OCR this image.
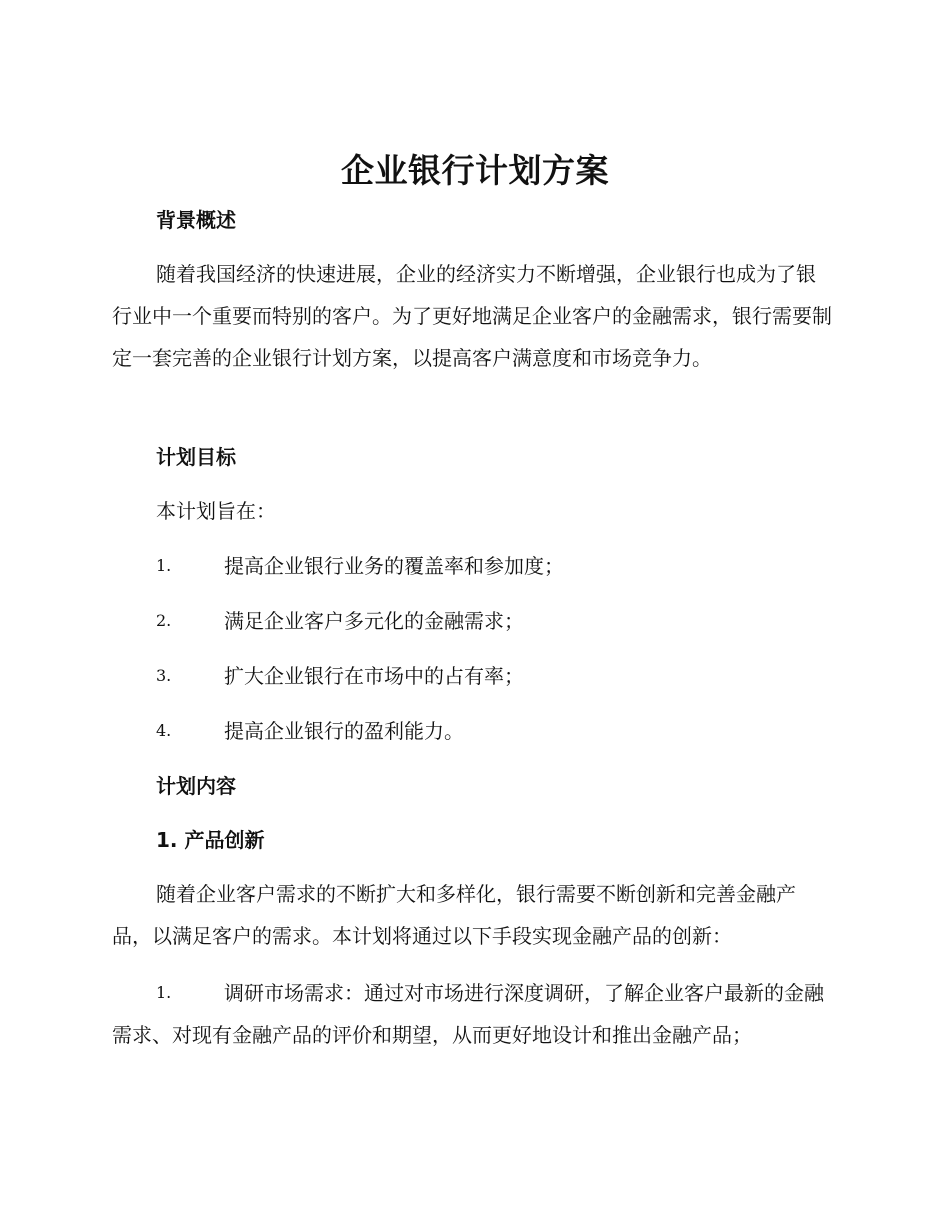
企业银行计划方案
背景概述

随着我国经济的快速进展，企业的经济实力不断增强，企业银行也成为了银行业中一个重要而特别的客户。为了更好地满足企业客户的金融需求，银行需要制定一套完善的企业银行计划方案，以提高客户满意度和市场竞争力。

计划目标
本计划旨在：
1.	提高企业银行业务的覆盖率和参加度；
2.	满足企业客户多元化的金融需求；
3.	扩大企业银行在市场中的占有率；
4.	提高企业银行的盈利能力。
计划内容
1. 产品创新

随着企业客户需求的不断扩大和多样化，银行需要不断创新和完善金融产品，以满足客户的需求。本计划将通过以下手段实现金融产品的创新：

1.	调研市场需求：通过对市场进行深度调研，了解企业客户最新的金融需求、对现有金融产品的评价和期望，从而更好地设计和推出金融产品；
